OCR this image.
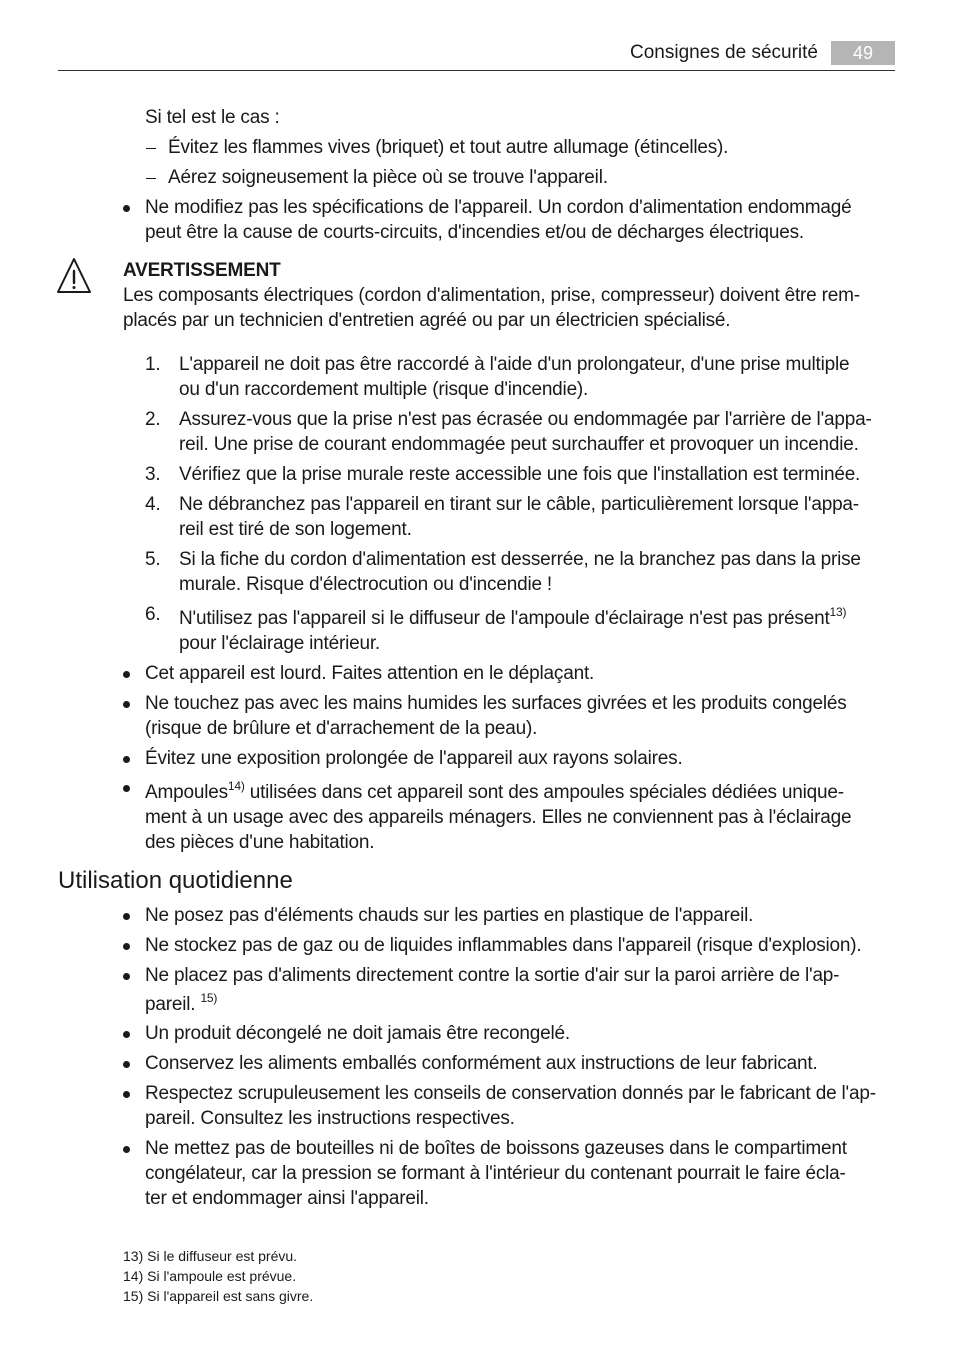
Consignes de sécurité	49
Si tel est le cas :
Évitez les flammes vives (briquet) et tout autre allumage (étincelles).
Aérez soigneusement la pièce où se trouve l'appareil.
Ne modifiez pas les spécifications de l'appareil. Un cordon d'alimentation endommagé
peut être la cause de courts-circuits, d'incendies et/ou de décharges électriques.
AVERTISSEMENT
Les composants électriques (cordon d'alimentation, prise, compresseur) doivent être rem-
placés par un technicien d'entretien agréé ou par un électricien spécialisé.
1. L'appareil ne doit pas être raccordé à l'aide d'un prolongateur, d'une prise multiple
ou d'un raccordement multiple (risque d'incendie).
2. Assurez-vous que la prise n'est pas écrasée ou endommagée par l'arrière de l'appa-
reil. Une prise de courant endommagée peut surchauffer et provoquer un incendie.
3. Vérifiez que la prise murale reste accessible une fois que l'installation est terminée.
4. Ne débranchez pas l'appareil en tirant sur le câble, particulièrement lorsque l'appa-
reil est tiré de son logement.
5. Si la fiche du cordon d'alimentation est desserrée, ne la branchez pas dans la prise
murale. Risque d'électrocution ou d'incendie !
6. N'utilisez pas l'appareil si le diffuseur de l'ampoule d'éclairage n'est pas présent$^{13)}$
pour l'éclairage intérieur.
Cet appareil est lourd. Faites attention en le déplaçant.
Ne touchez pas avec les mains humides les surfaces givrées et les produits congelés
(risque de brûlure et d'arrachement de la peau).
Évitez une exposition prolongée de l'appareil aux rayons solaires.
Ampoules$^{14)}$ utilisées dans cet appareil sont des ampoules spéciales dédiées unique-
ment à un usage avec des appareils ménagers. Elles ne conviennent pas à l'éclairage
des pièces d'une habitation.
Utilisation quotidienne
Ne posez pas d'éléments chauds sur les parties en plastique de l'appareil.
Ne stockez pas de gaz ou de liquides inflammables dans l'appareil (risque d'explosion).
Ne placez pas d'aliments directement contre la sortie d'air sur la paroi arrière de l'ap-
pareil. $^{15)}$
Un produit décongelé ne doit jamais être recongelé.
Conservez les aliments emballés conformément aux instructions de leur fabricant.
Respectez scrupuleusement les conseils de conservation donnés par le fabricant de l'ap-
pareil. Consultez les instructions respectives.
Ne mettez pas de bouteilles ni de boîtes de boissons gazeuses dans le compartiment
congélateur, car la pression se formant à l'intérieur du contenant pourrait le faire écla-
ter et endommager ainsi l'appareil.
13) Si le diffuseur est prévu.
14) Si l'ampoule est prévue.
15) Si l'appareil est sans givre.
